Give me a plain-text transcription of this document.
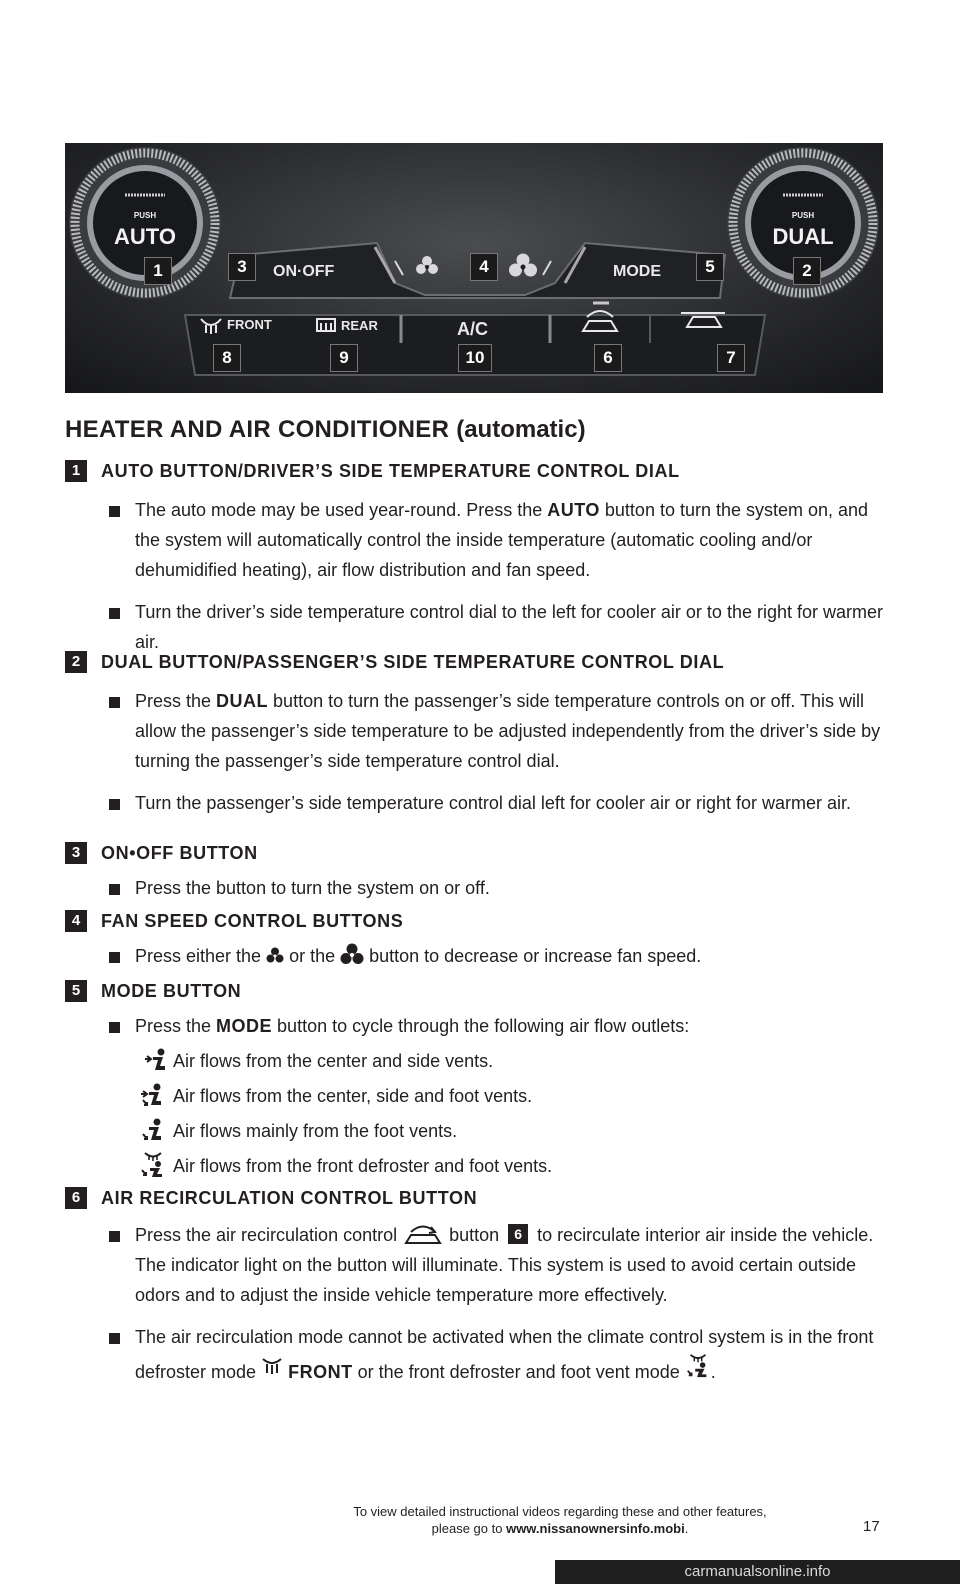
PUSH
AUTO
PUSH
DUAL
ON·OFF	MODE
FRONT	REAR	A/C
1	2
3	4	5
6	7
8	9	10
HEATER AND AIR CONDITIONER (automatic)
1	AUTO BUTTON/DRIVER’S SIDE TEMPERATURE CONTROL DIAL
The auto mode may be used year-round. Press the AUTO button to turn the system on, and the system will automatically control the inside temperature (automatic cooling and/or dehumidified heating), air flow distribution and fan speed.
Turn the driver’s side temperature control dial to the left for cooler air or to the right for warmer air.
2	DUAL BUTTON/PASSENGER’S SIDE TEMPERATURE CONTROL DIAL
Press the DUAL button to turn the passenger’s side temperature controls on or off. This will allow the passenger’s side temperature to be adjusted independently from the driver’s side by turning the passenger’s side temperature control dial.
Turn the passenger’s side temperature control dial left for cooler air or right for warmer air.
3	ON•OFF BUTTON
Press the button to turn the system on or off.
4	FAN SPEED CONTROL BUTTONS
Press either the  or the  button to decrease or increase fan speed.
5	MODE BUTTON
Press the MODE button to cycle through the following air flow outlets:
Air flows from the center and side vents.
Air flows from the center, side and foot vents.
Air flows mainly from the foot vents.
Air flows from the front defroster and foot vents.
6	AIR RECIRCULATION CONTROL BUTTON
Press the air recirculation control  button 6 to recirculate interior air inside the vehicle. The indicator light on the button will illuminate. This system is used to avoid certain outside odors and to adjust the inside vehicle temperature more effectively.
The air recirculation mode cannot be activated when the climate control system is in the front defroster mode  FRONT or the front defroster and foot vent mode .
To view detailed instructional videos regarding these and other features,
please go to www.nissanownersinfo.mobi.	17
carmanualsonline.info
